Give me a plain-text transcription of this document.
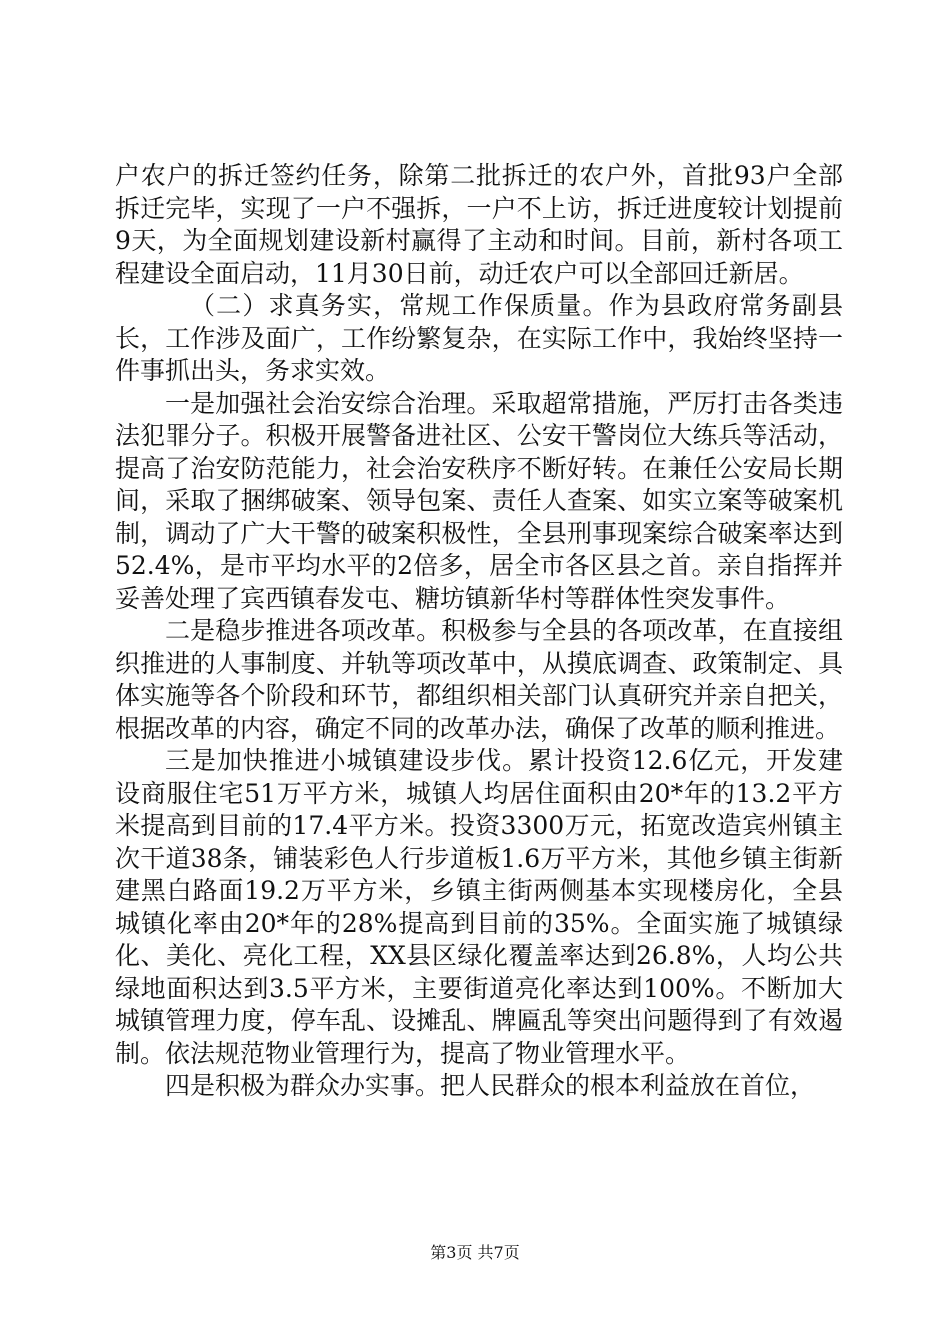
户农户的拆迁签约任务，除第二批拆迁的农户外，首批93户全部拆迁完毕，实现了一户不强拆，一户不上访，拆迁进度较计划提前9天，为全面规划建设新村赢得了主动和时间。目前，新村各项工程建设全面启动，11月30日前，动迁农户可以全部回迁新居。

（二）求真务实，常规工作保质量。作为县政府常务副县长，工作涉及面广，工作纷繁复杂，在实际工作中，我始终坚持一件事抓出头，务求实效。

一是加强社会治安综合治理。采取超常措施，严厉打击各类违法犯罪分子。积极开展警备进社区、公安干警岗位大练兵等活动，提高了治安防范能力，社会治安秩序不断好转。在兼任公安局长期间，采取了捆绑破案、领导包案、责任人查案、如实立案等破案机制，调动了广大干警的破案积极性，全县刑事现案综合破案率达到52.4%，是市平均水平的2倍多，居全市各区县之首。亲自指挥并妥善处理了宾西镇春发屯、糖坊镇新华村等群体性突发事件。

二是稳步推进各项改革。积极参与全县的各项改革，在直接组织推进的人事制度、并轨等项改革中，从摸底调查、政策制定、具体实施等各个阶段和环节，都组织相关部门认真研究并亲自把关，根据改革的内容，确定不同的改革办法，确保了改革的顺利推进。

三是加快推进小城镇建设步伐。累计投资12.6亿元，开发建设商服住宅51万平方米，城镇人均居住面积由20*年的13.2平方米提高到目前的17.4平方米。投资3300万元，拓宽改造宾州镇主次干道38条，铺装彩色人行步道板1.6万平方米，其他乡镇主街新建黑白路面19.2万平方米，乡镇主街两侧基本实现楼房化，全县城镇化率由20*年的28%提高到目前的35%。全面实施了城镇绿化、美化、亮化工程，XX县区绿化覆盖率达到26.8%，人均公共绿地面积达到3.5平方米，主要街道亮化率达到100%。不断加大城镇管理力度，停车乱、设摊乱、牌匾乱等突出问题得到了有效遏制。依法规范物业管理行为，提高了物业管理水平。

四是积极为群众办实事。把人民群众的根本利益放在首位，

第3页 共7页
